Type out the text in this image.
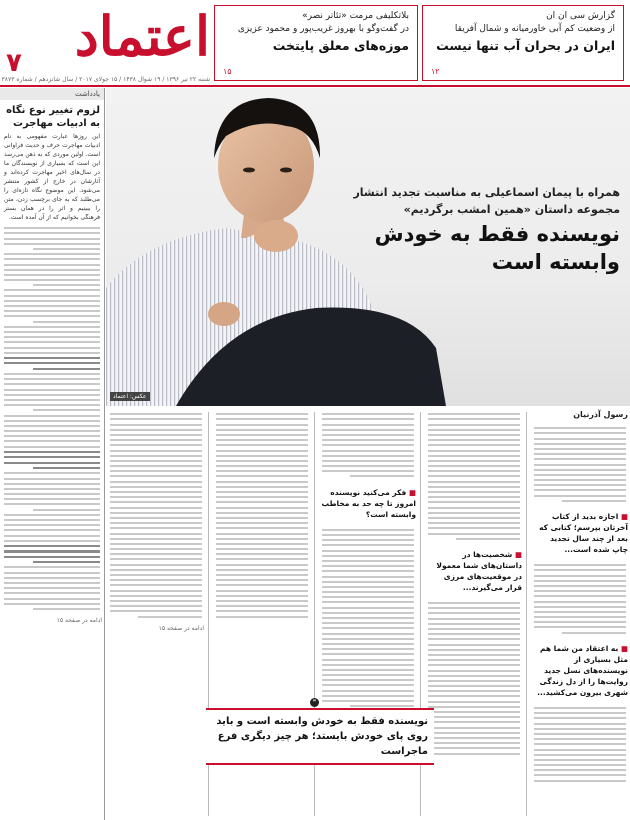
گزارش سی ان ان
از وضعیت کم آبی خاورمیانه و شمال آفریقا
ایران در بحران آب تنها نیست
۱۲
بلاتکلیفی مرمت «تئاتر نصر»
در گفت‌وگو با بهروز غریب‌پور و محمود عزیزی
موزه‌های معلق پایتخت
۱۵
اعتماد
۷
شنبه ۲۲ تیر ۱۳۹۶ / ۱۹ شوال ۱۴۳۸ / ۱۵ جولای ۲۰۱۷ / سال شانزدهم / شماره ۳۸۷۳
یادداشت
لزوم تغییر نوع نگاه
به ادبیات مهاجرت
این روزها عبارت مفهومی به نام ادبیات مهاجرت حرف و حدیث فراوانی است. اولین موردی که به ذهن می‌رسد این است که بسیاری از نویسندگان ما در سال‌های اخیر مهاجرت کرده‌اند و آثارشان در خارج از کشور منتشر می‌شود. این موضوع نگاه تازه‌ای را می‌طلبد که به جای برچسب زدن، متن را ببینیم و اثر را در همان بستر فرهنگی بخوانیم که از آن آمده است.
ادامه در صفحه ۱۵
همراه با پیمان اسماعیلی به مناسبت تجدید انتشار
مجموعه داستان «همین امشب برگردیم»
نویسنده فقط به خودش وابسته است
عکس: اعتماد
رسول آذرنیان
■ اجازه بدید از کتاب آخرتان بپرسم؛ کتابی که بعد از چند سال تجدید چاپ شده است...
■ به اعتقاد من شما هم مثل بسیاری از نویسنده‌های نسل جدید روایت‌ها را از دل زندگی شهری بیرون می‌کشید...
■ شخصیت‌ها در داستان‌های شما معمولا در موقعیت‌های مرزی قرار می‌گیرند...
■ فکر می‌کنید نویسنده امروز تا چه حد به مخاطب وابسته است؟
ادامه در صفحه ۱۵
نویسنده فقط به خودش وابسته است و باید روی پای خودش بایستد؛ هر چیز دیگری فرع ماجراست
❞
